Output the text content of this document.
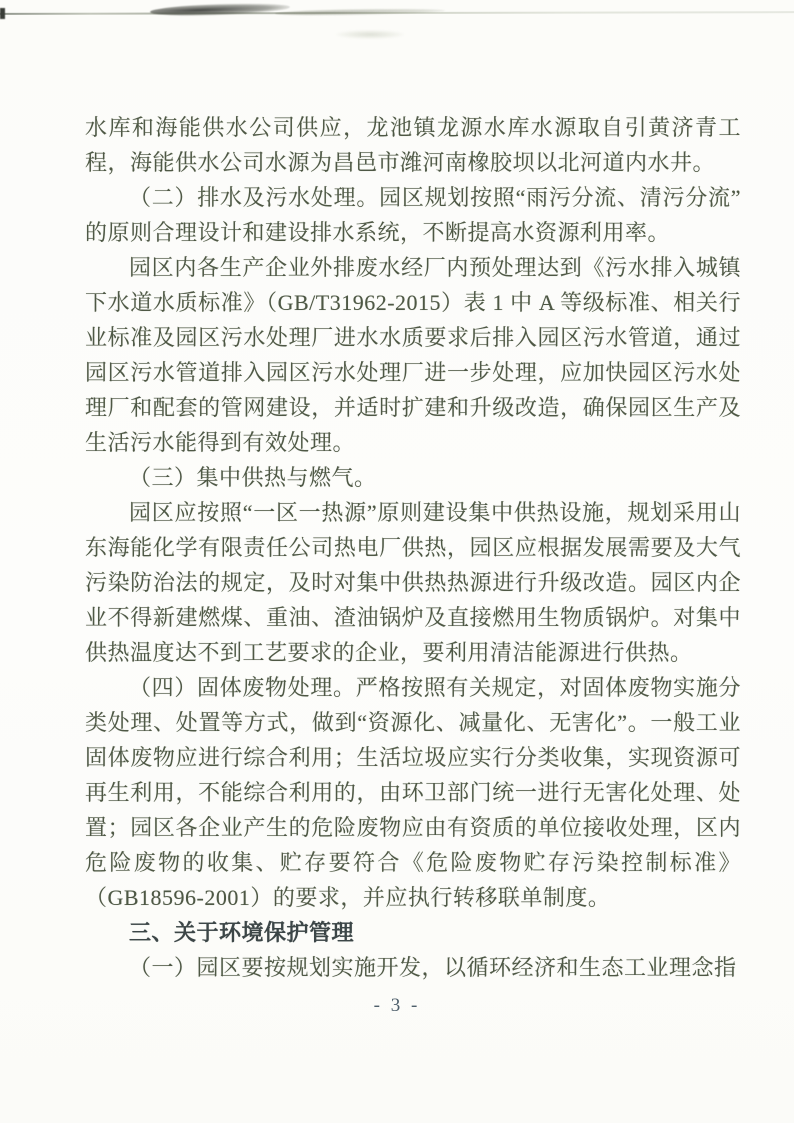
水库和海能供水公司供应，龙池镇龙源水库水源取自引黄济青工程，海能供水公司水源为昌邑市潍河南橡胶坝以北河道内水井。

（二）排水及污水处理。园区规划按照“雨污分流、清污分流”的原则合理设计和建设排水系统，不断提高水资源利用率。

园区内各生产企业外排废水经厂内预处理达到《污水排入城镇下水道水质标准》（GB/T31962-2015）表 1 中 A 等级标准、相关行业标准及园区污水处理厂进水水质要求后排入园区污水管道，通过园区污水管道排入园区污水处理厂进一步处理，应加快园区污水处理厂和配套的管网建设，并适时扩建和升级改造，确保园区生产及生活污水能得到有效处理。

（三）集中供热与燃气。

园区应按照“一区一热源”原则建设集中供热设施，规划采用山东海能化学有限责任公司热电厂供热，园区应根据发展需要及大气污染防治法的规定，及时对集中供热热源进行升级改造。园区内企业不得新建燃煤、重油、渣油锅炉及直接燃用生物质锅炉。对集中供热温度达不到工艺要求的企业，要利用清洁能源进行供热。

（四）固体废物处理。严格按照有关规定，对固体废物实施分类处理、处置等方式，做到“资源化、减量化、无害化”。一般工业固体废物应进行综合利用；生活垃圾应实行分类收集，实现资源可再生利用，不能综合利用的，由环卫部门统一进行无害化处理、处置；园区各企业产生的危险废物应由有资质的单位接收处理，区内危险废物的收集、贮存要符合《危险废物贮存污染控制标准》（GB18596-2001）的要求，并应执行转移联单制度。

三、关于环境保护管理

（一）园区要按规划实施开发，以循环经济和生态工业理念指

- 3 -
